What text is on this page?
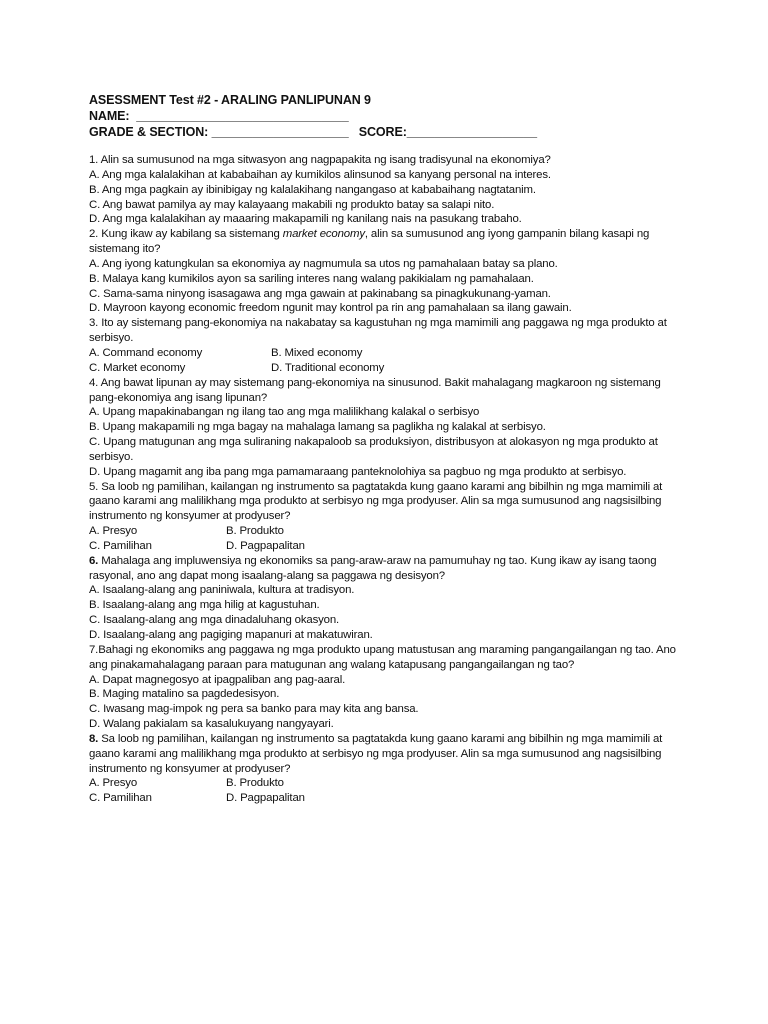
ASESSMENT Test #2 - ARALING PANLIPUNAN 9
NAME:  _______________________________
GRADE & SECTION: ____________________   SCORE:___________________

1. Alin sa sumusunod na mga sitwasyon ang nagpapakita ng isang tradisyunal na ekonomiya?

A. Ang mga kalalakihan at kababaihan ay kumikilos alinsunod sa kanyang personal na interes.

B. Ang mga pagkain ay ibinibigay ng kalalakihang nangangaso at kababaihang nagtatanim.

C. Ang bawat pamilya ay may kalayaang makabili ng produkto batay sa salapi nito.

D. Ang mga kalalakihan ay maaaring makapamili ng kanilang nais na pasukang trabaho.

2. Kung ikaw ay kabilang sa sistemang market economy, alin sa sumusunod ang iyong gampanin bilang kasapi ng sistemang ito?

A. Ang iyong katungkulan sa ekonomiya ay nagmumula sa utos ng pamahalaan batay sa plano.

B. Malaya kang kumikilos ayon sa sariling interes nang walang pakikialam ng pamahalaan.

C. Sama-sama ninyong isasagawa ang mga gawain at pakinabang sa pinagkukunang-yaman.

D. Mayroon kayong economic freedom ngunit may kontrol pa rin ang pamahalaan sa ilang gawain.

3. Ito ay sistemang pang-ekonomiya na nakabatay sa kagustuhan ng mga mamimili ang paggawa ng mga produkto at serbisyo.

A. Command economy	B. Mixed economy
C. Market economy	D. Traditional economy

4. Ang bawat lipunan ay may sistemang pang-ekonomiya na sinusunod. Bakit mahalagang magkaroon ng sistemang pang-ekonomiya ang isang lipunan?

A. Upang mapakinabangan ng ilang tao ang mga malilikhang kalakal o serbisyo

B. Upang makapamili ng mga bagay na mahalaga lamang sa paglikha ng kalakal at serbisyo.

C. Upang matugunan ang mga suliraning nakapaloob sa produksiyon, distribusyon at alokasyon ng mga produkto at serbisyo.

D. Upang magamit ang iba pang mga pamamaraang panteknolohiya sa pagbuo ng mga produkto at serbisyo.

5. Sa loob ng pamilihan, kailangan ng instrumento sa pagtatakda kung gaano karami ang bibilhin ng mga mamimili at gaano karami ang malilikhang mga produkto at serbisyo ng mga prodyuser. Alin sa mga sumusunod ang nagsisilbing instrumento ng konsyumer at prodyuser?

A. Presyo	B. Produkto
C. Pamilihan	D. Pagpapalitan

6. Mahalaga ang impluwensiya ng ekonomiks sa pang-araw-araw na pamumuhay ng tao. Kung ikaw ay isang taong rasyonal, ano ang dapat mong isaalang-alang sa paggawa ng desisyon?

A. Isaalang-alang ang paniniwala, kultura at tradisyon.

B. Isaalang-alang ang mga hilig at kagustuhan.

C. Isaalang-alang ang mga dinadaluhang okasyon.

D. Isaalang-alang ang pagiging mapanuri at makatuwiran.

7.Bahagi ng ekonomiks ang paggawa ng mga produkto upang matustusan ang maraming pangangailangan ng tao. Ano ang pinakamahalagang paraan para matugunan ang walang katapusang pangangailangan ng tao?

A. Dapat magnegosyo at ipagpaliban ang pag-aaral.

B. Maging matalino sa pagdedesisyon.

C. Iwasang mag-impok ng pera sa banko para may kita ang bansa.

D. Walang pakialam sa kasalukuyang nangyayari.

8. Sa loob ng pamilihan, kailangan ng instrumento sa pagtatakda kung gaano karami ang bibilhin ng mga mamimili at gaano karami ang malilikhang mga produkto at serbisyo ng mga prodyuser. Alin sa mga sumusunod ang nagsisilbing instrumento ng konsyumer at prodyuser?

A. Presyo	B. Produkto
C. Pamilihan	D. Pagpapalitan
